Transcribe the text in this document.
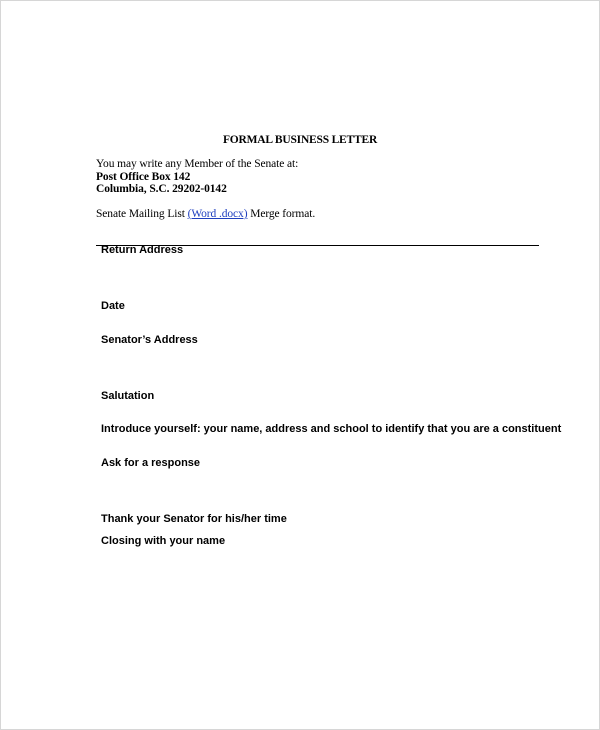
FORMAL BUSINESS LETTER
You may write any Member of the Senate at:
Post Office Box 142
Columbia, S.C. 29202-0142
Senate Mailing List (Word .docx) Merge format.
Return Address
Date
Senator’s Address
Salutation
Introduce yourself: your name, address and school to identify that you are a constituent
Ask for a response
Thank your Senator for his/her time
Closing with your name
